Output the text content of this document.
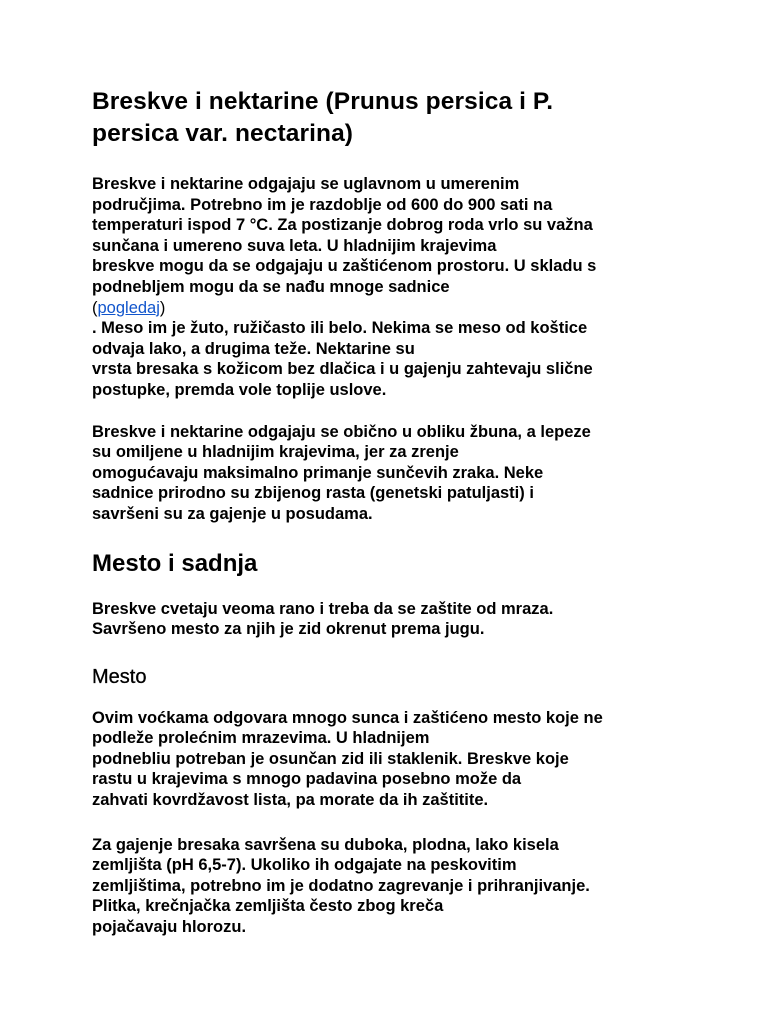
Breskve i nektarine (Prunus persica i P.
persica var. nectarina)

Breskve i nektarine odgajaju se uglavnom u umerenim
područjima. Potrebno im je razdoblje od 600 do 900 sati na
temperaturi ispod 7 °C. Za postizanje dobrog roda vrlo su važna
sunčana i umereno suva leta. U hladnijim krajevima
breskve mogu da se odgajaju u zaštićenom prostoru. U skladu s
podnebljem mogu da se nađu mnoge sadnice
(pogledaj)
. Meso im je žuto, ružičasto ili belo. Nekima se meso od koštice
odvaja lako, a drugima teže. Nektarine su
vrsta bresaka s kožicom bez dlačica i u gajenju zahtevaju slične
postupke, premda vole toplije uslove.

Breskve i nektarine odgajaju se obično u obliku žbuna, a lepeze
su omiljene u hladnijim krajevima, jer za zrenje
omogućavaju maksimalno primanje sunčevih zraka. Neke
sadnice prirodno su zbijenog rasta (genetski patuljasti) i
savršeni su za gajenje u posudama.

Mesto i sadnja

Breskve cvetaju veoma rano i treba da se zaštite od mraza.
Savršeno mesto za njih je zid okrenut prema jugu.

Mesto

Ovim voćkama odgovara mnogo sunca i zaštićeno mesto koje ne
podleže prolećnim mrazevima. U hladnijem
podnebliu potreban je osunčan zid ili staklenik. Breskve koje
rastu u krajevima s mnogo padavina posebno može da
zahvati kovrdžavost lista, pa morate da ih zaštitite.

Za gajenje bresaka savršena su duboka, plodna, lako kisela
zemljišta (pH 6,5-7). Ukoliko ih odgajate na peskovitim
zemljištima, potrebno im je dodatno zagrevanje i prihranjivanje.
Plitka, krečnjačka zemljišta često zbog kreča
pojačavaju hlorozu.
